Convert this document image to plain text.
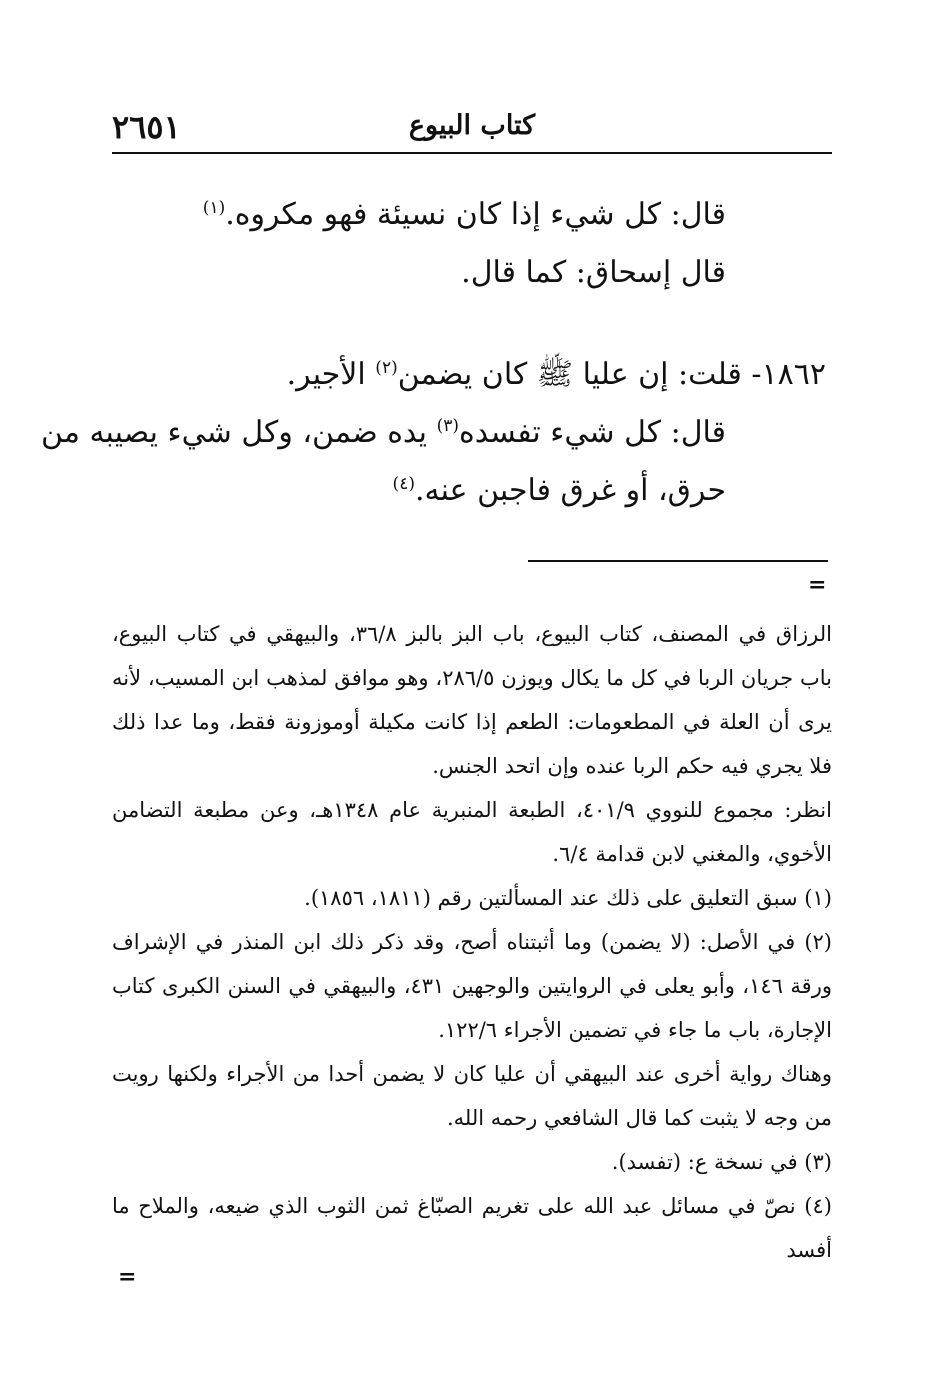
٢٦٥١	كتاب البيوع
قال: كل شيء إذا كان نسيئة فهو مكروه.$^{(١)}$
قال إسحاق: كما قال.
١٨٦٢- قلت: إن عليا ﷺ كان يضمن$^{(٢)}$ الأجير.
قال: كل شيء تفسده$^{(٣)}$ يده ضمن، وكل شيء يصيبه من
حرق، أو غرق فاجبن عنه.$^{(٤)}$
=
الرزاق في المصنف، كتاب البيوع، باب البز بالبز ٣٦/٨، والبيهقي في كتاب البيوع، باب جريان الربا في كل ما يكال ويوزن ٢٨٦/٥، وهو موافق لمذهب ابن المسيب، لأنه يرى أن العلة في المطعومات: الطعم إذا كانت مكيلة أوموزونة فقط، وما عدا ذلك فلا يجري فيه حكم الربا عنده وإن اتحد الجنس.
انظر: مجموع للنووي ٤٠١/٩، الطبعة المنبرية عام ١٣٤٨هـ، وعن مطبعة التضامن الأخوي، والمغني لابن قدامة ٦/٤.
(١) سبق التعليق على ذلك عند المسألتين رقم (١٨١١، ١٨٥٦).
(٢) في الأصل: (لا يضمن) وما أثبتناه أصح، وقد ذكر ذلك ابن المنذر في الإشراف ورقة ١٤٦، وأبو يعلى في الروايتين والوجهين ٤٣١، والبيهقي في السنن الكبرى كتاب الإجارة، باب ما جاء في تضمين الأجراء ١٢٢/٦.
وهناك رواية أخرى عند البيهقي أن عليا كان لا يضمن أحدا من الأجراء ولكنها رويت من وجه لا يثبت كما قال الشافعي رحمه الله.
(٣) في نسخة ع: (تفسد).
(٤) نصّ في مسائل عبد الله على تغريم الصبّاغ ثمن الثوب الذي ضيعه، والملاح ما أفسد
=
